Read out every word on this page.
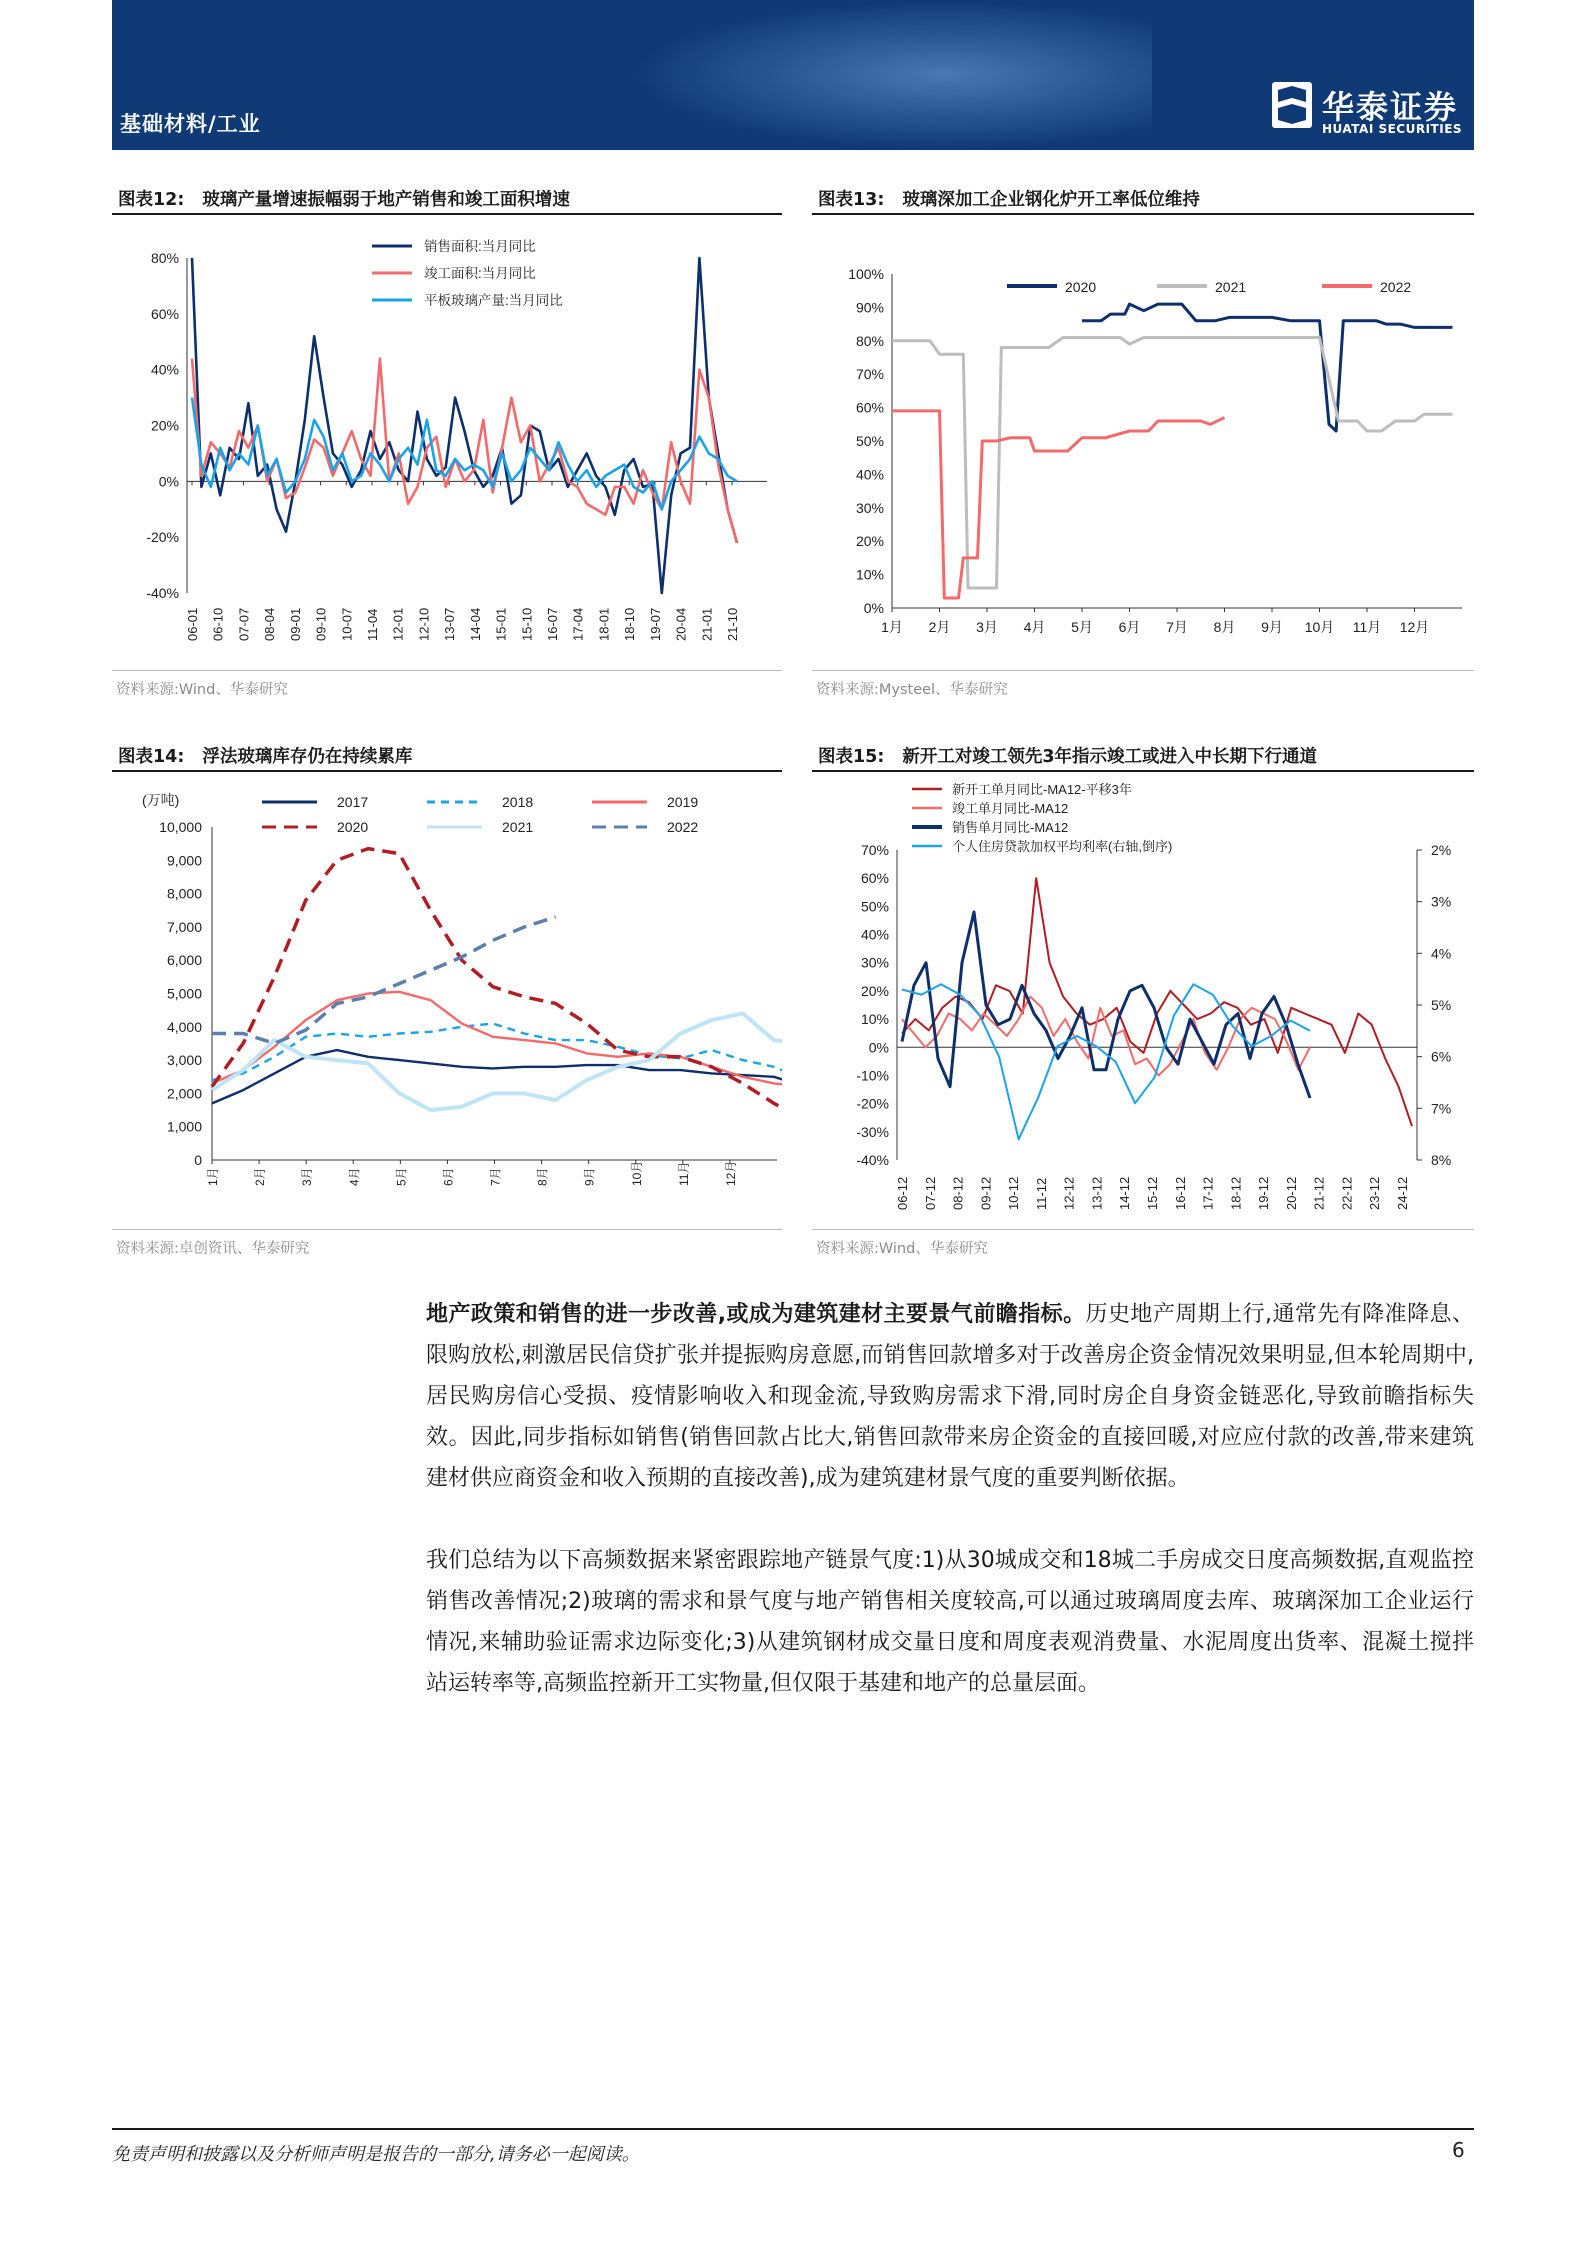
基础材料/工业	华泰证券
HUATAI SECURITIES
图表12: 玻璃产量增速振幅弱于地产销售和竣工面积增速
80%
60%
40%
20%
0%
-20%
-40%
06-01 06-10 07-07 08-04 09-01 09-10 10-07 11-04 12-01 12-10 13-07 14-04 15-01 15-10 16-07 17-04 18-01 18-10 19-07 20-04 21-01 21-10
销售面积:当月同比
竣工面积:当月同比
平板玻璃产量:当月同比
资料来源:Wind、华泰研究
图表13: 玻璃深加工企业钢化炉开工率低位维持
100%
90%
80%
70%
60%
50%
40%
30%
20%
10%
0%
1月 2月 3月 4月 5月 6月 7月 8月 9月 10月 11月 12月
2020	2021	2022
资料来源:Mysteel、华泰研究
图表14: 浮法玻璃库存仍在持续累库
(万吨)
10,000
9,000
8,000
7,000
6,000
5,000
4,000
3,000
2,000
1,000
0
1月	2月	3月	4月	5月	6月	7月	8月	9月	10月	11月	12月
2017	2018	2019
2020	2021	2022
资料来源:卓创资讯、华泰研究
图表15: 新开工对竣工领先3年指示竣工或进入中长期下行通道
70%
60%
50%
40%
30%
20%
10%
0%
-10%
-20%
-30%
-40%
2%
3%
4%
5%
6%
7%
8%
06-12 07-12 08-12 09-12 10-12 11-12 12-12 13-12 14-12 15-12 16-12 17-12 18-12 19-12 20-12 21-12 22-12 23-12 24-12
新开工单月同比-MA12-平移3年
竣工单月同比-MA12
销售单月同比-MA12
个人住房贷款加权平均利率(右轴,倒序)
资料来源:Wind、华泰研究
地产政策和销售的进一步改善,或成为建筑建材主要景气前瞻指标。历史地产周期上行,通常先有降准降息、限购放松,刺激居民信贷扩张并提振购房意愿,而销售回款增多对于改善房企资金情况效果明显,但本轮周期中,居民购房信心受损、疫情影响收入和现金流,导致购房需求下滑,同时房企自身资金链恶化,导致前瞻指标失效。因此,同步指标如销售(销售回款占比大,销售回款带来房企资金的直接回暖,对应应付款的改善,带来建筑建材供应商资金和收入预期的直接改善),成为建筑建材景气度的重要判断依据。
我们总结为以下高频数据来紧密跟踪地产链景气度:1)从30城成交和18城二手房成交日度高频数据,直观监控销售改善情况;2)玻璃的需求和景气度与地产销售相关度较高,可以通过玻璃周度去库、玻璃深加工企业运行情况,来辅助验证需求边际变化;3)从建筑钢材成交量日度和周度表观消费量、水泥周度出货率、混凝土搅拌站运转率等,高频监控新开工实物量,但仅限于基建和地产的总量层面。
免责声明和披露以及分析师声明是报告的一部分,请务必一起阅读。	6
